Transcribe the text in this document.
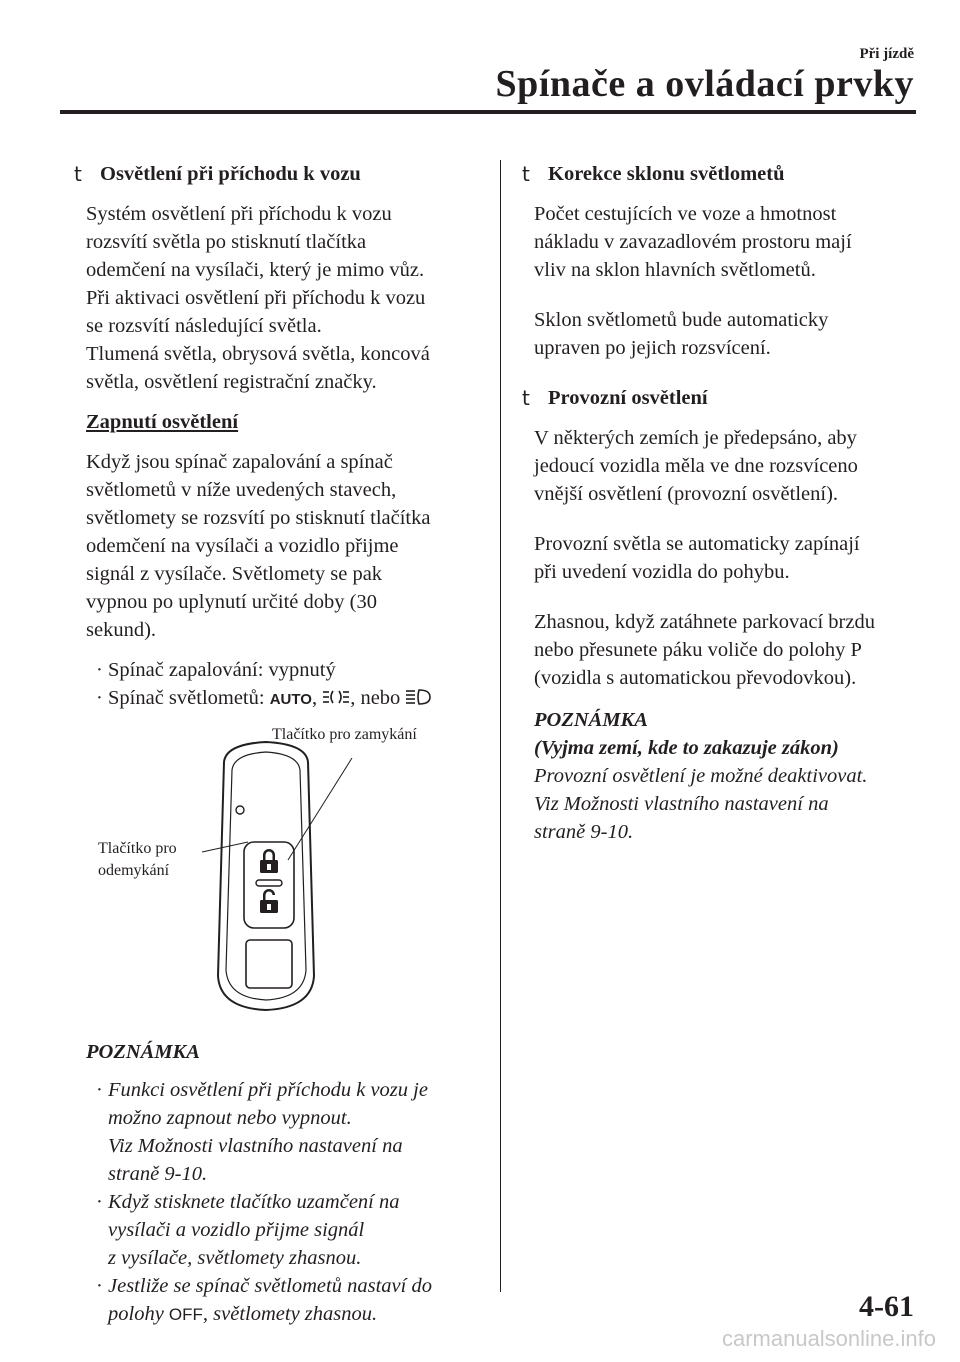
Při jízdě
Spínače a ovládací prvky
t Osvětlení při příchodu k vozu
Systém osvětlení při příchodu k vozu
rozsvítí světla po stisknutí tlačítka
odemčení na vysílači, který je mimo vůz.
Při aktivaci osvětlení při příchodu k vozu
se rozsvítí následující světla.
Tlumená světla, obrysová světla, koncová
světla, osvětlení registrační značky.
Zapnutí osvětlení
Když jsou spínač zapalování a spínač
světlometů v níže uvedených stavech,
světlomety se rozsvítí po stisknutí tlačítka
odemčení na vysílači a vozidlo přijme
signál z vysílače. Světlomety se pak
vypnou po uplynutí určité doby (30
sekund).
· Spínač zapalování: vypnutý
· Spínač světlometů: AUTO, , nebo
Tlačítko pro zamykání
Tlačítko pro
odemykání
POZNÁMKA
· Funkci osvětlení při příchodu k vozu je
možno zapnout nebo vypnout.
Viz Možnosti vlastního nastavení na
straně 9-10.
· Když stisknete tlačítko uzamčení na
vysílači a vozidlo přijme signál
z vysílače, světlomety zhasnou.
· Jestliže se spínač světlometů nastaví do
polohy OFF, světlomety zhasnou.
t Korekce sklonu světlometů
Počet cestujících ve voze a hmotnost
nákladu v zavazadlovém prostoru mají
vliv na sklon hlavních světlometů.
Sklon světlometů bude automaticky
upraven po jejich rozsvícení.
t Provozní osvětlení
V některých zemích je předepsáno, aby
jedoucí vozidla měla ve dne rozsvíceno
vnější osvětlení (provozní osvětlení).
Provozní světla se automaticky zapínají
při uvedení vozidla do pohybu.
Zhasnou, když zatáhnete parkovací brzdu
nebo přesunete páku voliče do polohy P
(vozidla s automatickou převodovkou).
POZNÁMKA
(Vyjma zemí, kde to zakazuje zákon)
Provozní osvětlení je možné deaktivovat.
Viz Možnosti vlastního nastavení na
straně 9-10.
4-61
carmanualsonline.info
